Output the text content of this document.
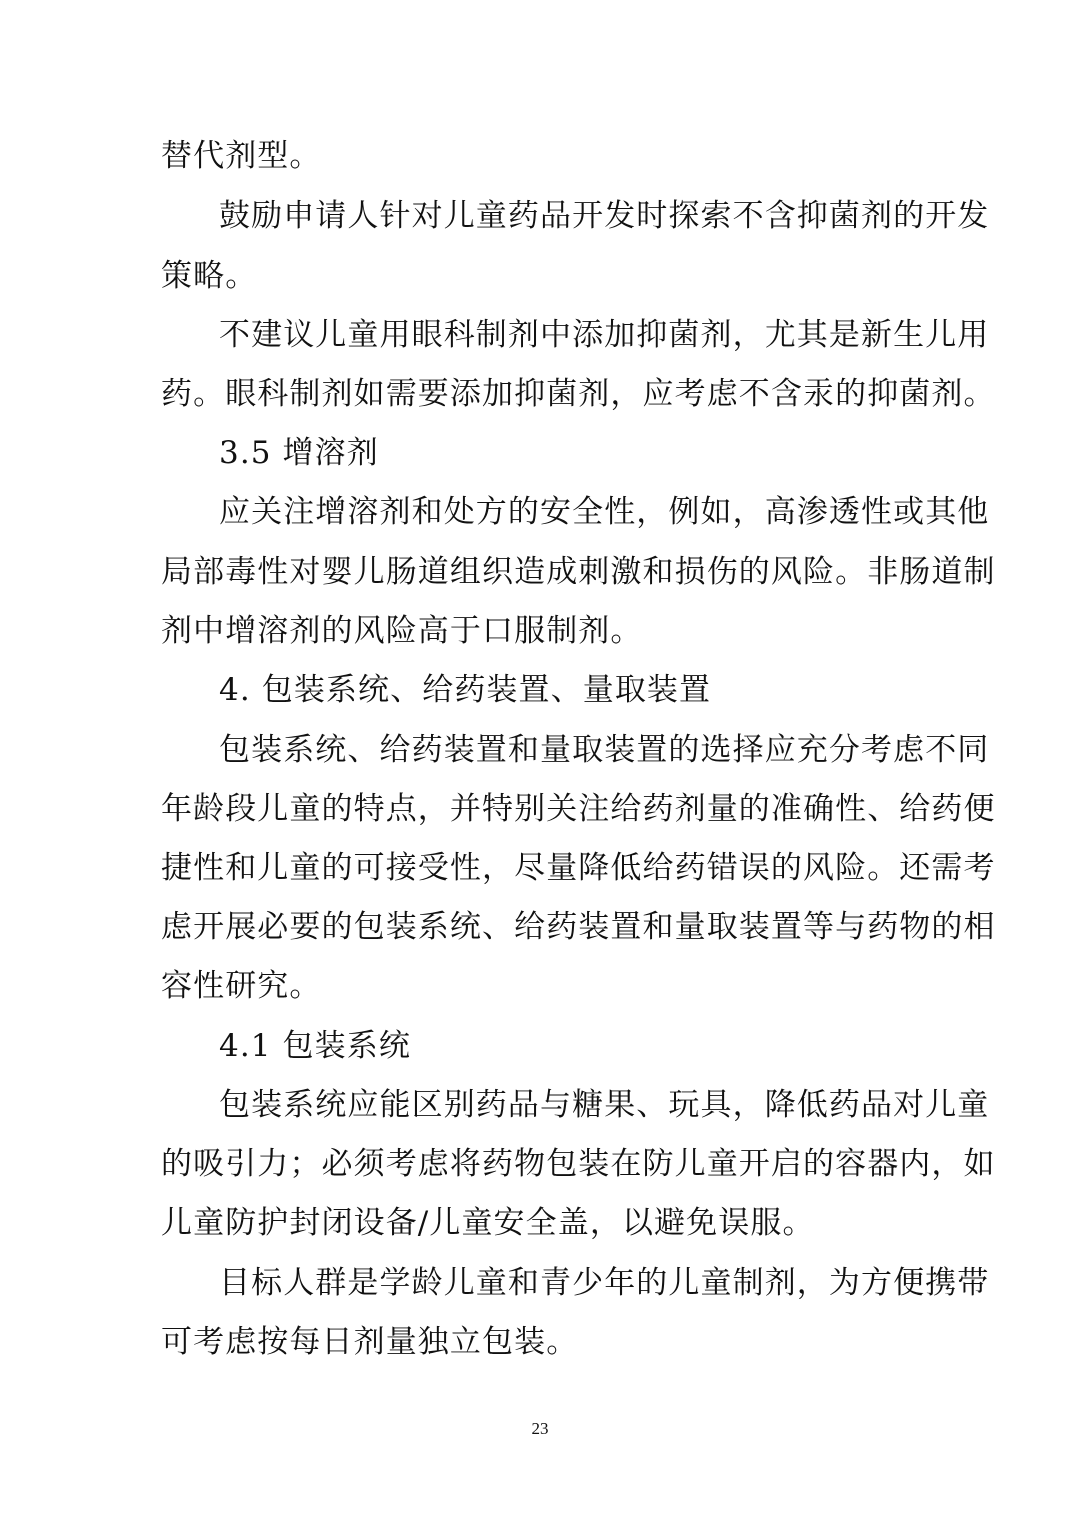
替代剂型。
鼓励申请人针对儿童药品开发时探索不含抑菌剂的开发
策略。
不建议儿童用眼科制剂中添加抑菌剂，尤其是新生儿用
药。眼科制剂如需要添加抑菌剂，应考虑不含汞的抑菌剂。
3.5 增溶剂
应关注增溶剂和处方的安全性，例如，高渗透性或其他
局部毒性对婴儿肠道组织造成刺激和损伤的风险。非肠道制
剂中增溶剂的风险高于口服制剂。
4. 包装系统、给药装置、量取装置
包装系统、给药装置和量取装置的选择应充分考虑不同
年龄段儿童的特点，并特别关注给药剂量的准确性、给药便
捷性和儿童的可接受性，尽量降低给药错误的风险。还需考
虑开展必要的包装系统、给药装置和量取装置等与药物的相
容性研究。
4.1 包装系统
包装系统应能区别药品与糖果、玩具，降低药品对儿童
的吸引力；必须考虑将药物包装在防儿童开启的容器内，如
儿童防护封闭设备/儿童安全盖，以避免误服。
目标人群是学龄儿童和青少年的儿童制剂，为方便携带
可考虑按每日剂量独立包装。
23
